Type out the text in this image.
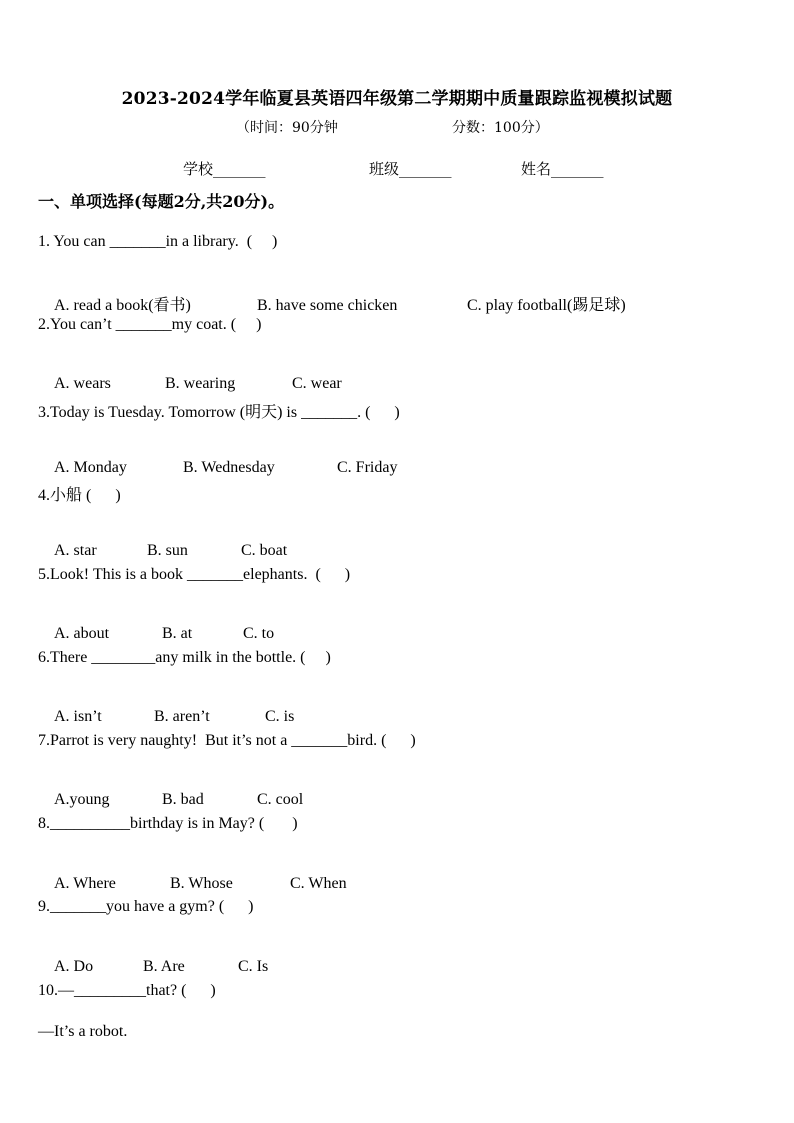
2023-2024学年临夏县英语四年级第二学期期中质量跟踪监视模拟试题
（时间：90分钟	分数：100分）
学校_______	班级_______	姓名_______
一、单项选择(每题2分,共20分)。
1. You can _______in a library.  (     )

A. read a book(看书)	B. have some chicken	C. play football(踢足球)

2.You can’t _______my coat. (     )

A. wears	B. wearing	C. wear

3.Today is Tuesday. Tomorrow (明天) is _______. (      )

A. Monday	B. Wednesday	C. Friday

4.小船 (      )

A. star	B. sun	C. boat

5.Look! This is a book _______elephants.  (      )

A. about	B. at	C. to

6.There ________any milk in the bottle. (     )

A. isn’t	B. aren’t	C. is

7.Parrot is very naughty!  But it’s not a _______bird. (      )

A.young	B. bad	C. cool

8.__________birthday is in May? (       )

A. Where	B. Whose	C. When

9._______you have a gym? (      )

A. Do	B. Are	C. Is

10.—_________that? (      )
—It’s a robot.
